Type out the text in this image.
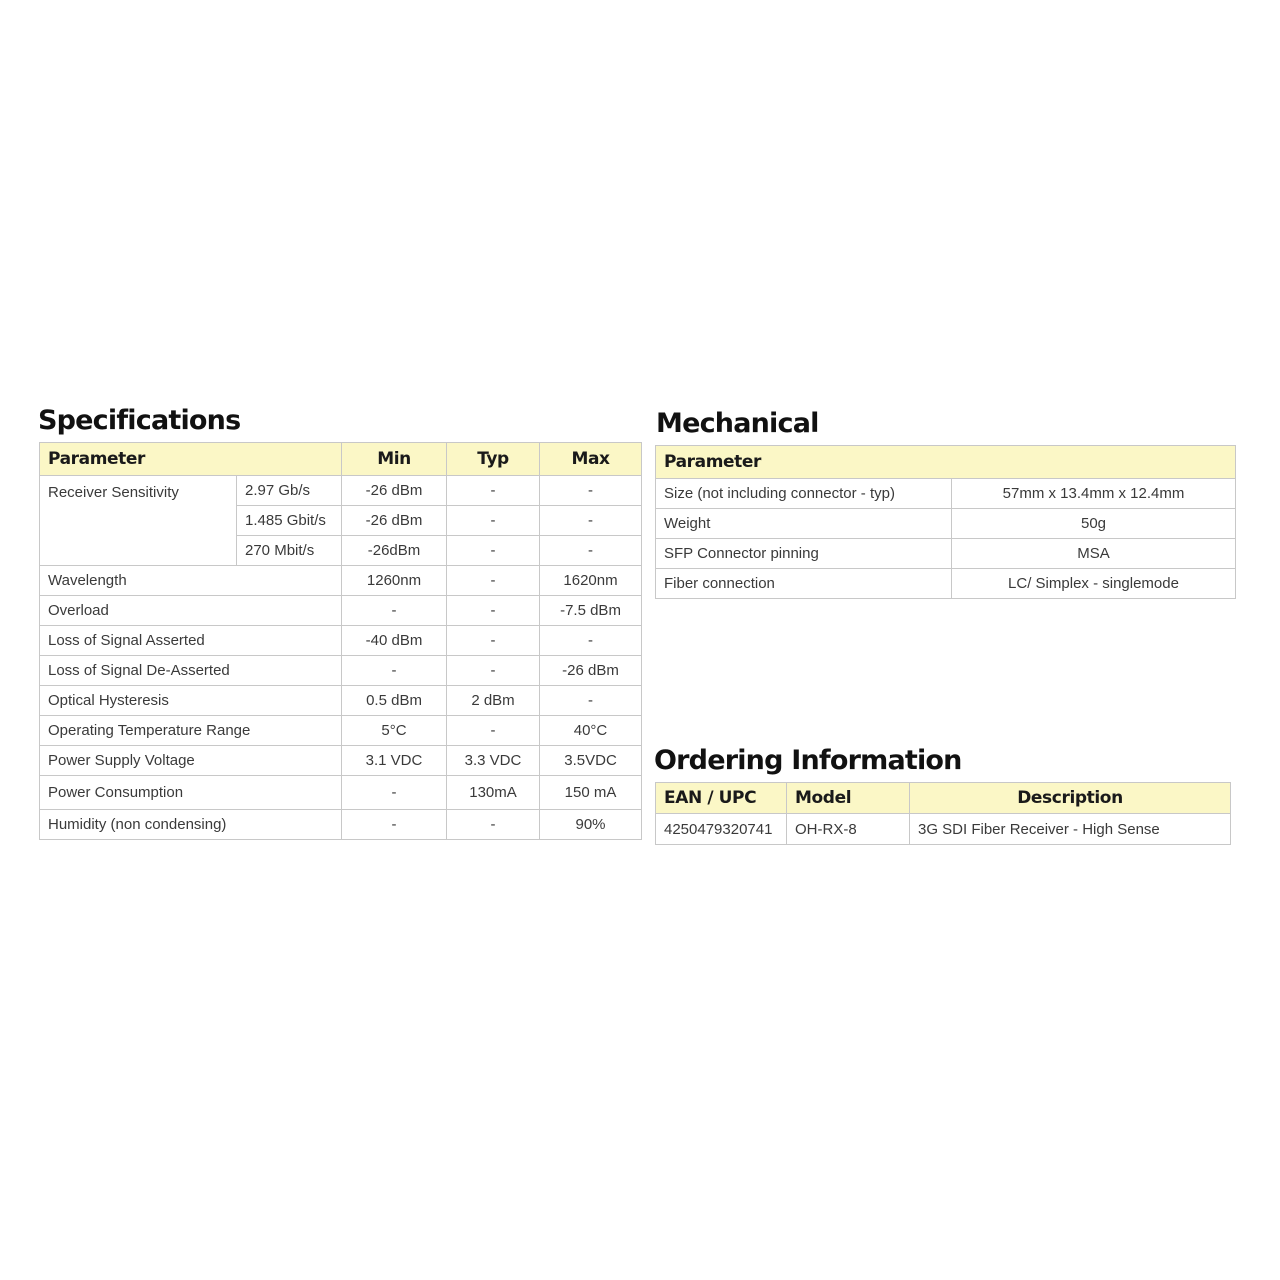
Specifications
Parameter		Min	Typ	Max
Receiver Sensitivity	2.97 Gb/s	-26 dBm	-	-
	1.485 Gbit/s	-26 dBm	-	-
	270 Mbit/s	-26dBm	-	-
Wavelength		1260nm	-	1620nm
Overload		-	-	-7.5 dBm
Loss of Signal Asserted		-40 dBm	-	-
Loss of Signal De-Asserted		-	-	-26 dBm
Optical Hysteresis		0.5 dBm	2 dBm	-
Operating Temperature Range		5°C	-	40°C
Power Supply Voltage		3.1 VDC	3.3 VDC	3.5VDC
Power Consumption		-	130mA	150 mA
Humidity (non condensing)		-	-	90%
Mechanical
Parameter	
Size (not including connector - typ)	57mm x 13.4mm x 12.4mm
Weight	50g
SFP Connector pinning	MSA
Fiber connection	LC/ Simplex - singlemode
Ordering Information
EAN / UPC	Model	Description
4250479320741	OH-RX-8	3G SDI Fiber Receiver - High Sense
